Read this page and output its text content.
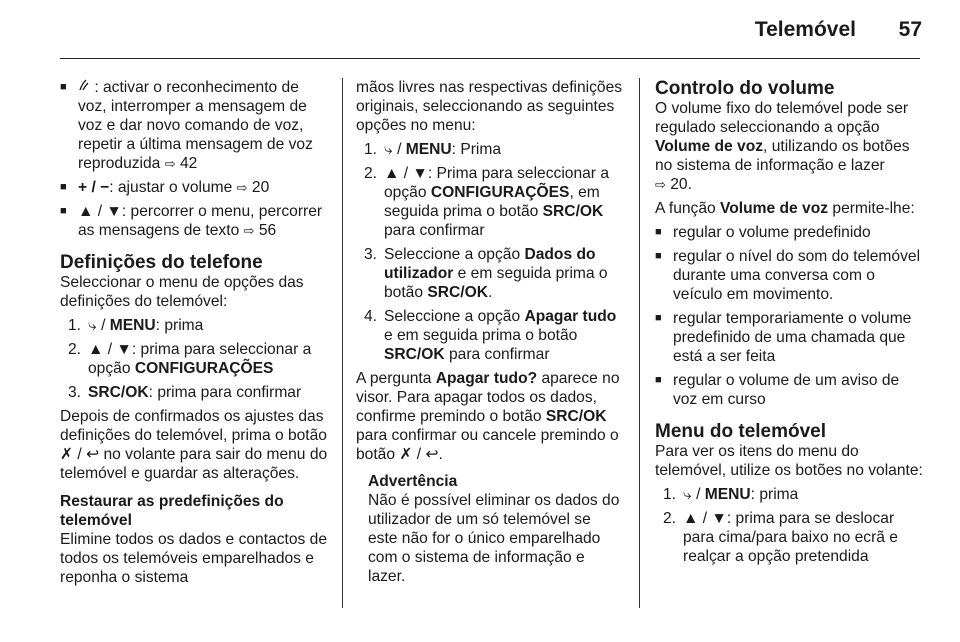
Telemóvel 57
■ : activar o reconhecimento de voz, interromper a mensagem de voz e dar novo comando de voz, repetir a última mensagem de voz reproduzida ⇨ 42
■ + / −: ajustar o volume ⇨ 20
■ ▲ / ▼: percorrer o menu, percorrer as mensagens de texto ⇨ 56
Definições do telefone
Seleccionar o menu de opções das definições do telemóvel:
1. ⤷ / MENU: prima
2. ▲ / ▼: prima para seleccionar a opção CONFIGURAÇÕES
3. SRC/OK: prima para confirmar
Depois de confirmados os ajustes das definições do telemóvel, prima o botão ✗ / ↩ no volante para sair do menu do telemóvel e guardar as alterações.
Restaurar as predefinições do telemóvel
Elimine todos os dados e contactos de todos os telemóveis emparelhados e reponha o sistema
mãos livres nas respectivas definições originais, seleccionando as seguintes opções no menu:
1. ⤷ / MENU: Prima
2. ▲ / ▼: Prima para seleccionar a opção CONFIGURAÇÕES, em seguida prima o botão SRC/OK para confirmar
3. Seleccione a opção Dados do utilizador e em seguida prima o botão SRC/OK.
4. Seleccione a opção Apagar tudo e em seguida prima o botão SRC/OK para confirmar
A pergunta Apagar tudo? aparece no visor. Para apagar todos os dados, confirme premindo o botão SRC/OK para confirmar ou cancele premindo o botão ✗ / ↩.
Advertência
Não é possível eliminar os dados do utilizador de um só telemóvel se este não for o único emparelhado com o sistema de informação e lazer.
Controlo do volume
O volume fixo do telemóvel pode ser regulado seleccionando a opção Volume de voz, utilizando os botões no sistema de informação e lazer
⇨ 20.
A função Volume de voz permite-lhe:
■ regular o volume predefinido
■ regular o nível do som do telemóvel durante uma conversa com o veículo em movimento.
■ regular temporariamente o volume predefinido de uma chamada que está a ser feita
■ regular o volume de um aviso de voz em curso
Menu do telemóvel
Para ver os itens do menu do telemóvel, utilize os botões no volante:
1. ⤷ / MENU: prima
2. ▲ / ▼: prima para se deslocar para cima/para baixo no ecrã e realçar a opção pretendida
